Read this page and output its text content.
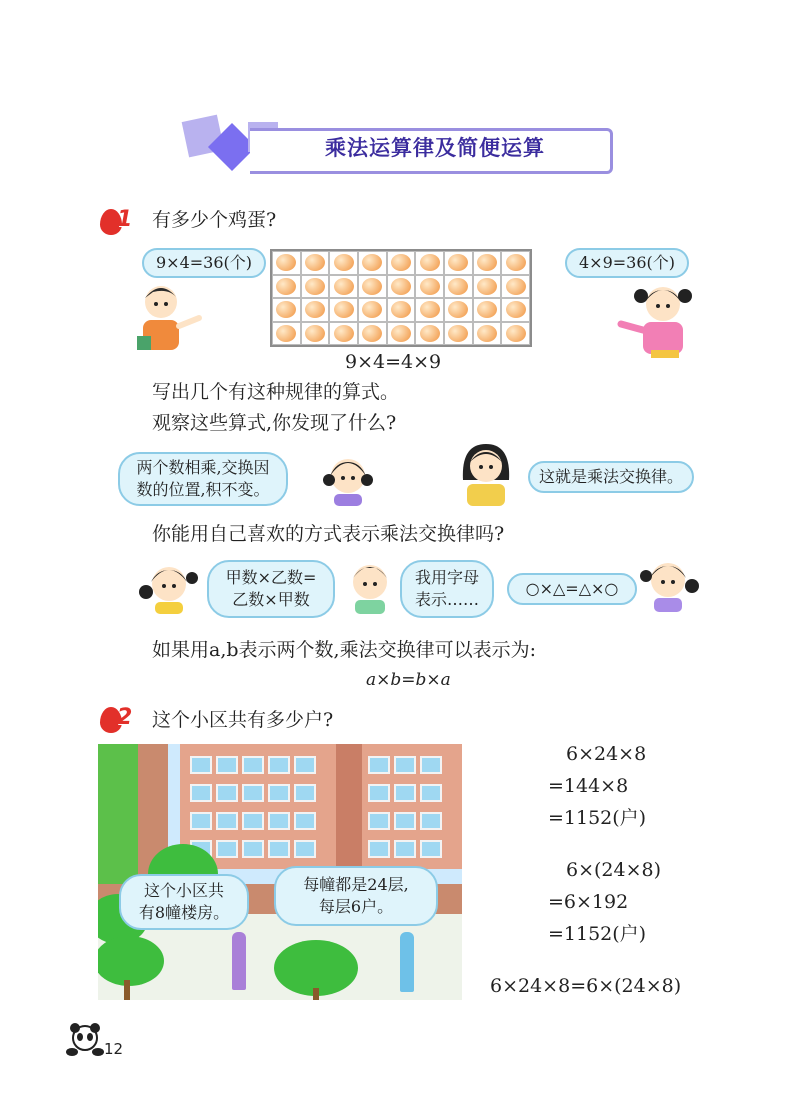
乘法运算律及简便运算
1 有多少个鸡蛋?
9×4=36(个)	4×9=36(个)
9×4=4×9
写出几个有这种规律的算式。
观察这些算式,你发现了什么?
两个数相乘,交换因
数的位置,积不变。
这就是乘法交换律。
你能用自己喜欢的方式表示乘法交换律吗?
甲数×乙数=
乙数×甲数
我用字母
表示……
○×△=△×○
如果用a,b表示两个数,乘法交换律可以表示为:
a×b=b×a
2 这个小区共有多少户?
这个小区共
有8幢楼房。
每幢都是24层,
每层6户。
6×24×8
=144×8
=1152(户)
6×(24×8)
=6×192
=1152(户)
6×24×8=6×(24×8)
12
